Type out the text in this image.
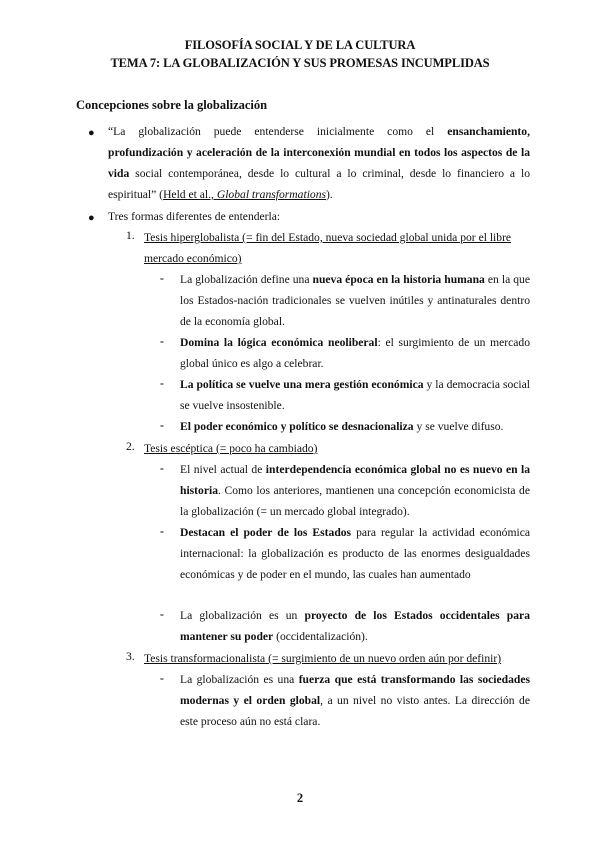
FILOSOFÍA SOCIAL Y DE LA CULTURA
TEMA 7: LA GLOBALIZACIÓN Y SUS PROMESAS INCUMPLIDAS
Concepciones sobre la globalización
● “La globalización puede entenderse inicialmente como el ensanchamiento, profundización y aceleración de la interconexión mundial en todos los aspectos de la vida social contemporánea, desde lo cultural a lo criminal, desde lo financiero a lo espiritual” (Held et al., Global transformations).
● Tres formas diferentes de entenderla:
1. Tesis hiperglobalista (= fin del Estado, nueva sociedad global unida por el libre mercado económico)
- La globalización define una nueva época en la historia humana en la que los Estados-nación tradicionales se vuelven inútiles y antinaturales dentro de la economía global.
- Domina la lógica económica neoliberal: el surgimiento de un mercado global único es algo a celebrar.
- La política se vuelve una mera gestión económica y la democracia social se vuelve insostenible.
- El poder económico y político se desnacionaliza y se vuelve difuso.
2. Tesis escéptica (= poco ha cambiado)
- El nivel actual de interdependencia económica global no es nuevo en la historia. Como los anteriores, mantienen una concepción economicista de la globalización (= un mercado global integrado).
- Destacan el poder de los Estados para regular la actividad económica internacional: la globalización es producto de las enormes desigualdades económicas y de poder en el mundo, las cuales han aumentado
- La globalización es un proyecto de los Estados occidentales para mantener su poder (occidentalización).
3. Tesis transformacionalista (= surgimiento de un nuevo orden aún por definir)
- La globalización es una fuerza que está transformando las sociedades modernas y el orden global, a un nivel no visto antes. La dirección de este proceso aún no está clara.
2
